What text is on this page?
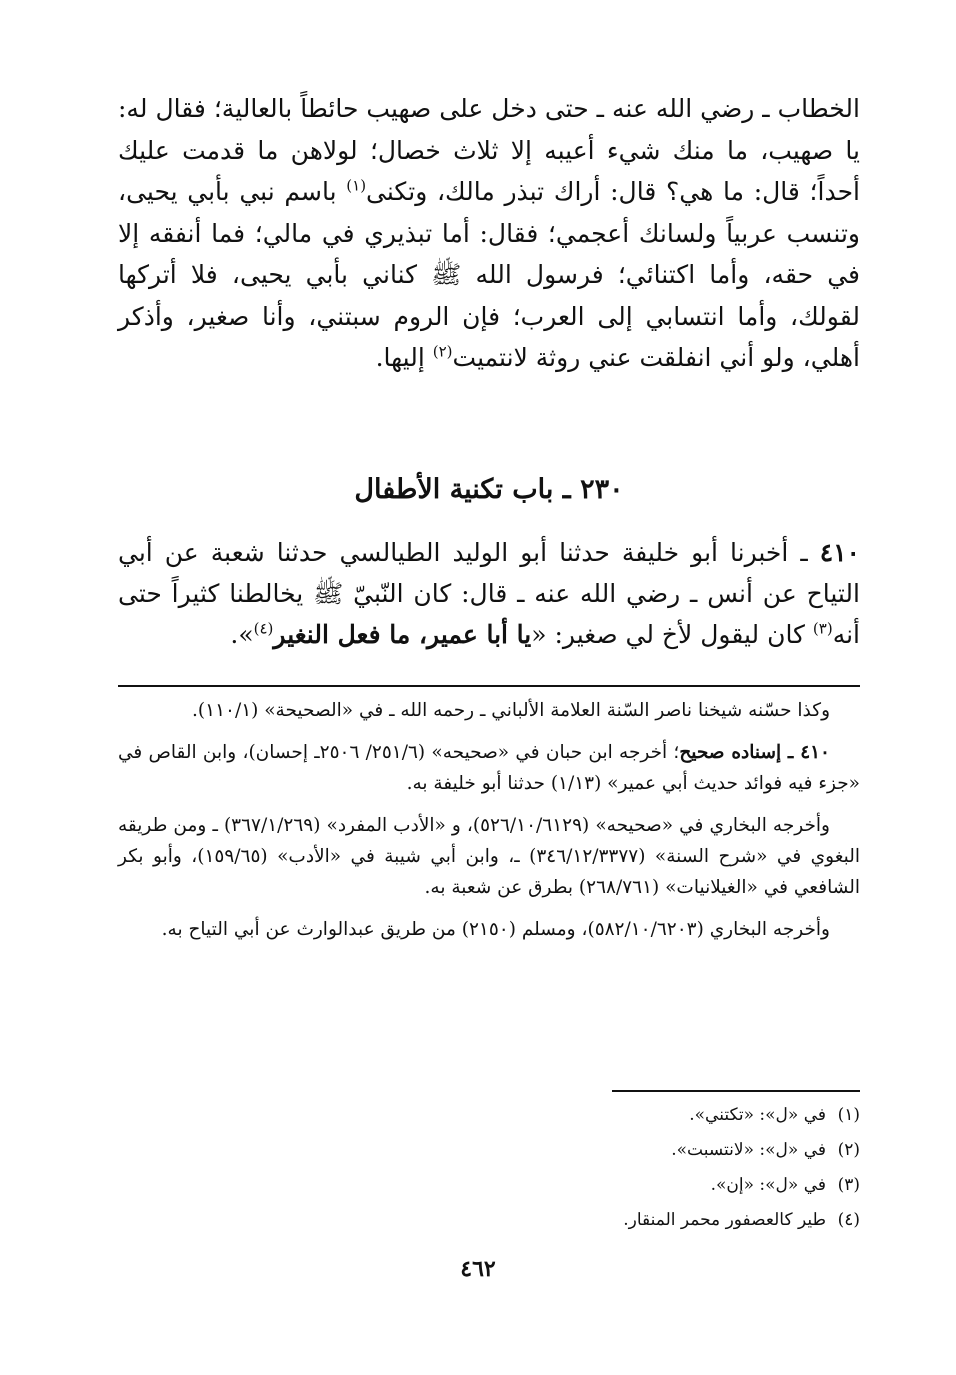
الخطاب ـ رضي الله عنه ـ حتى دخل على صهيب حائطاً بالعالية؛ فقال له: يا صهيب، ما منك شيء أعيبه إلا ثلاث خصال؛ لولاهن ما قدمت عليك أحداً؛ قال: ما هي؟ قال: أراك تبذر مالك، وتكنى$^{(١)}$ باسم نبي بأبي يحيى، وتنسب عربياً ولسانك أعجمي؛ فقال: أما تبذيري في مالي؛ فما أنفقه إلا في حقه، وأما اكتنائي؛ فرسول الله ﷺ كناني بأبي يحيى، فلا أتركها لقولك، وأما انتسابي إلى العرب؛ فإن الروم سبتني، وأنا صغير، وأذكر أهلي، ولو أني انفلقت عني روثة لانتميت$^{(٢)}$ إليها.

٢٣٠ ـ باب تكنية الأطفال

٤١٠ ـ أخبرنا أبو خليفة حدثنا أبو الوليد الطيالسي حدثنا شعبة عن أبي التياح عن أنس ـ رضي الله عنه ـ قال: كان النّبيّ ﷺ يخالطنا كثيراً حتى أنه$^{(٣)}$ كان ليقول لأخ لي صغير: «يا أبا عمير، ما فعل النغير$^{(٤)}$».

وكذا حسّنه شيخنا ناصر السّنة العلامة الألباني ـ رحمه الله ـ في «الصحيحة» (١١٠/١).

٤١٠ ـ إسناده صحيح؛ أخرجه ابن حبان في «صحيحه» (٢٥١/٦/ ٢٥٠٦ـ إحسان)، وابن القاص في «جزء فيه فوائد حديث أبي عمير» (١/١٣) حدثنا أبو خليفة به.

وأخرجه البخاري في «صحيحه» (٥٢٦/١٠/٦١٢٩)، و «الأدب المفرد» (٣٦٧/١/٢٦٩) ـ ومن طريقه البغوي في «شرح السنة» (٣٤٦/١٢/٣٣٧٧) ـ، وابن أبي شيبة في «الأدب» (١٥٩/٦٥)، وأبو بكر الشافعي في «الغيلانيات» (٢٦٨/٧٦١) بطرق عن شعبة به.

وأخرجه البخاري (٥٨٢/١٠/٦٢٠٣)، ومسلم (٢١٥٠) من طريق عبدالوارث عن أبي التياح به.

(١)في «ل»: «تكتني».
(٢)في «ل»: «لانتسبت».
(٣)في «ل»: «إن».
(٤)طير كالعصفور محمر المنقار.
٤٦٢
